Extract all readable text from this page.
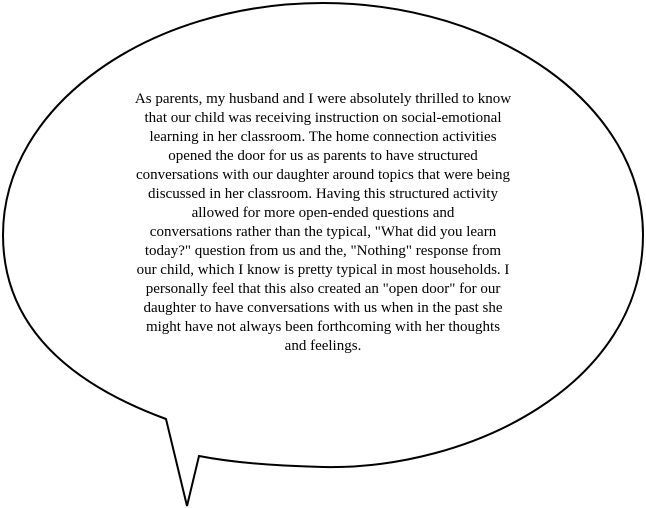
As parents, my husband and I were absolutely thrilled to know
that our child was receiving instruction on social-emotional
learning in her classroom. The home connection activities
opened the door for us as parents to have structured
conversations with our daughter around topics that were being
discussed in her classroom. Having this structured activity
allowed for more open-ended questions and
conversations rather than the typical, "What did you learn
today?" question from us and the, "Nothing" response from
our child, which I know is pretty typical in most households. I
personally feel that this also created an "open door" for our
daughter to have conversations with us when in the past she
might have not always been forthcoming with her thoughts
and feelings.
